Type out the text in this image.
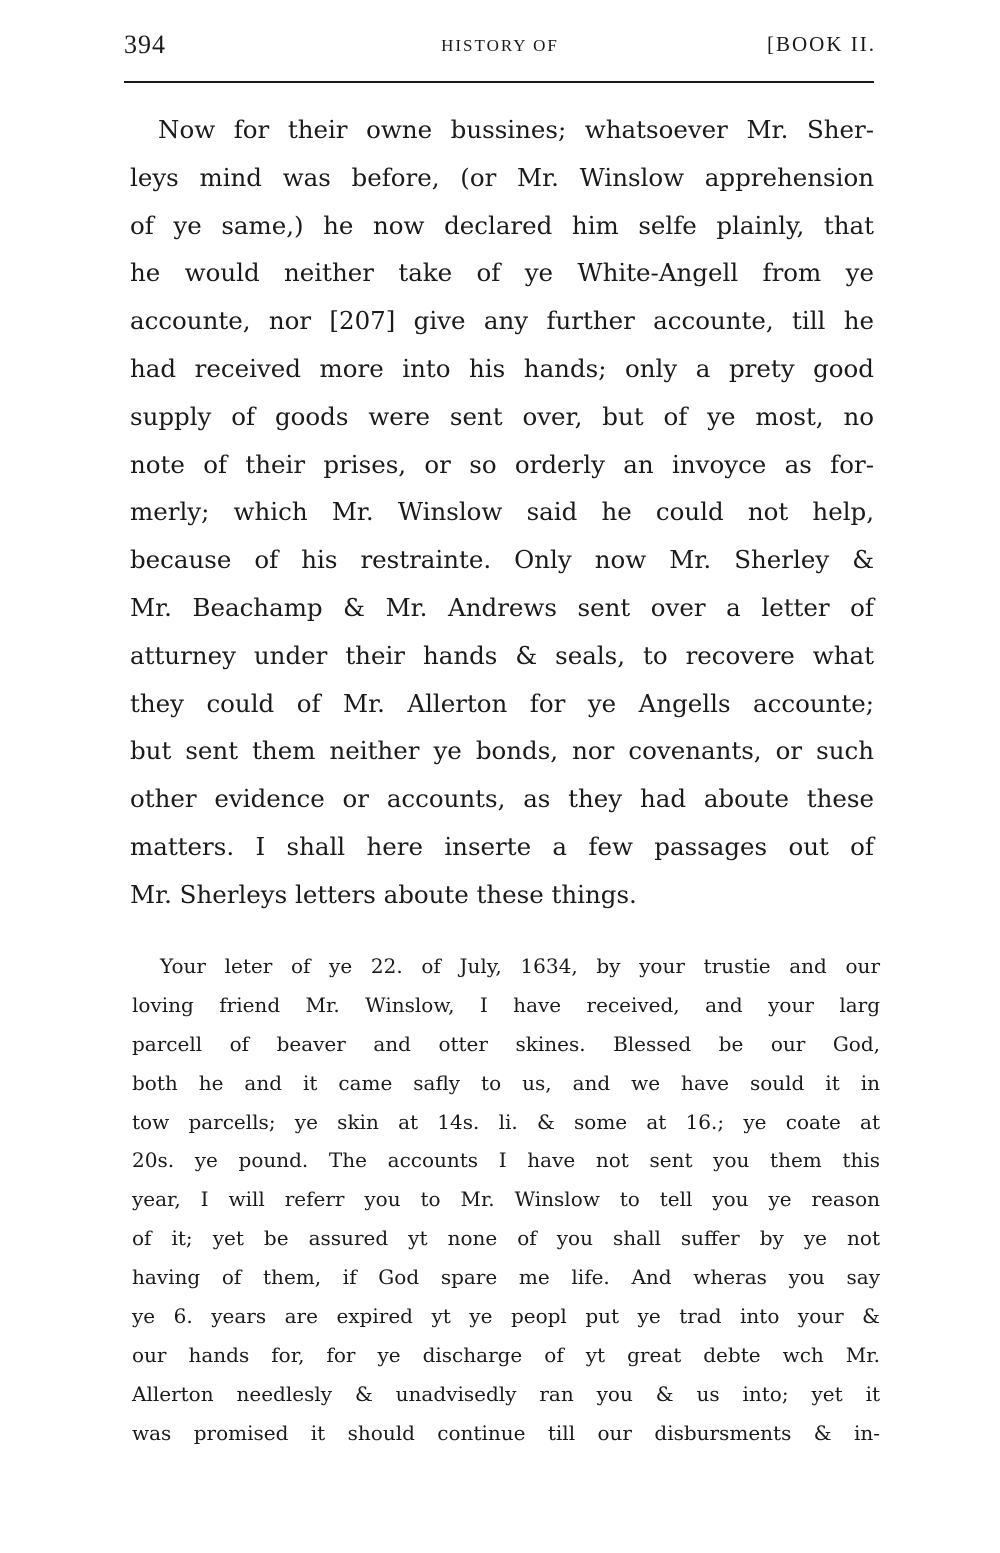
394	HISTORY OF	[BOOK II.
Now for their owne bussines; whatsoever Mr. Sher-
leys mind was before, (or Mr. Winslow apprehension
of ye same,) he now declared him selfe plainly, that
he would neither take of ye White-Angell from ye
accounte, nor [207] give any further accounte, till he
had received more into his hands; only a prety good
supply of goods were sent over, but of ye most, no
note of their prises, or so orderly an invoyce as for-
merly; which Mr. Winslow said he could not help,
because of his restrainte. Only now Mr. Sherley &
Mr. Beachamp & Mr. Andrews sent over a letter of
atturney under their hands & seals, to recovere what
they could of Mr. Allerton for ye Angells accounte;
but sent them neither ye bonds, nor covenants, or such
other evidence or accounts, as they had aboute these
matters. I shall here inserte a few passages out of
Mr. Sherleys letters aboute these things.
Your leter of ye 22. of July, 1634, by your trustie and our
loving friend Mr. Winslow, I have received, and your larg
parcell of beaver and otter skines. Blessed be our God,
both he and it came safly to us, and we have sould it in
tow parcells; ye skin at 14s. li. & some at 16.; ye coate at
20s. ye pound. The accounts I have not sent you them this
year, I will referr you to Mr. Winslow to tell you ye reason
of it; yet be assured yt none of you shall suffer by ye not
having of them, if God spare me life. And wheras you say
ye 6. years are expired yt ye peopl put ye trad into your &
our hands for, for ye discharge of yt great debte wch Mr.
Allerton needlesly & unadvisedly ran you & us into; yet it
was promised it should continue till our disbursments & in-
